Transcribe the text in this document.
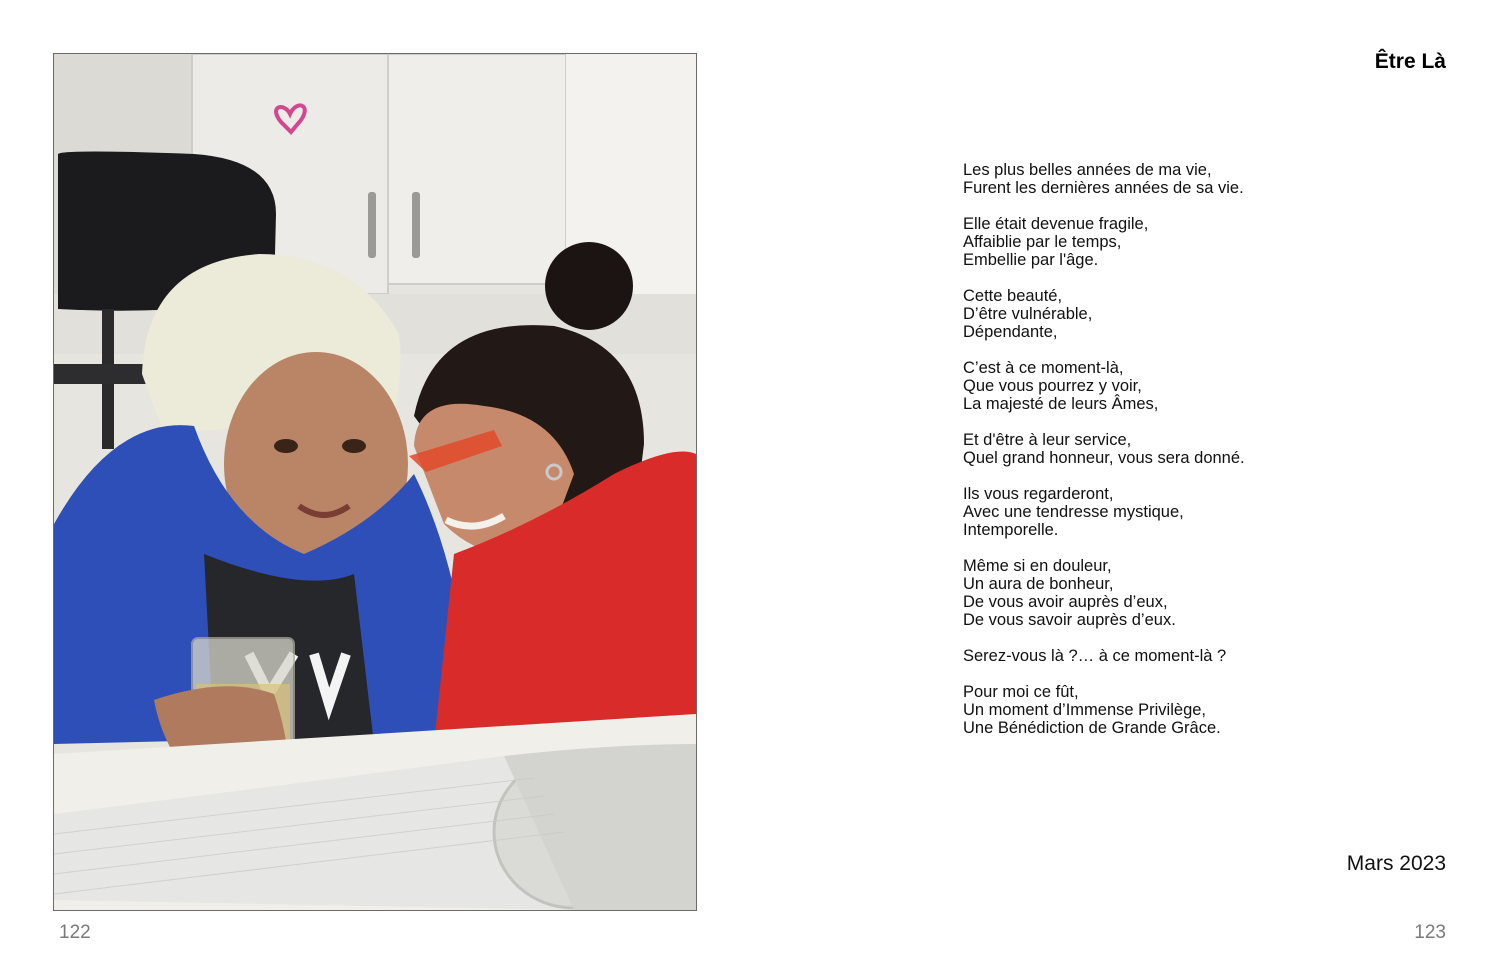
122
Être Là
Les plus belles années de ma vie,
Furent les dernières années de sa vie.
Elle était devenue fragile,
Affaiblie par le temps,
Embellie par l'âge.
Cette beauté,
D’être vulnérable,
Dépendante,
C’est à ce moment-là,
Que vous pourrez y voir,
La majesté de leurs Âmes,
Et d'être à leur service,
Quel grand honneur, vous sera donné.
Ils vous regarderont,
Avec une tendresse mystique,
Intemporelle.
Même si en douleur,
Un aura de bonheur,
De vous avoir auprès d’eux,
De vous savoir auprès d’eux.
Serez-vous là ?… à ce moment-là ?
Pour moi ce fût,
Un moment d’Immense Privilège,
Une Bénédiction de Grande Grâce.
Mars 2023
123
